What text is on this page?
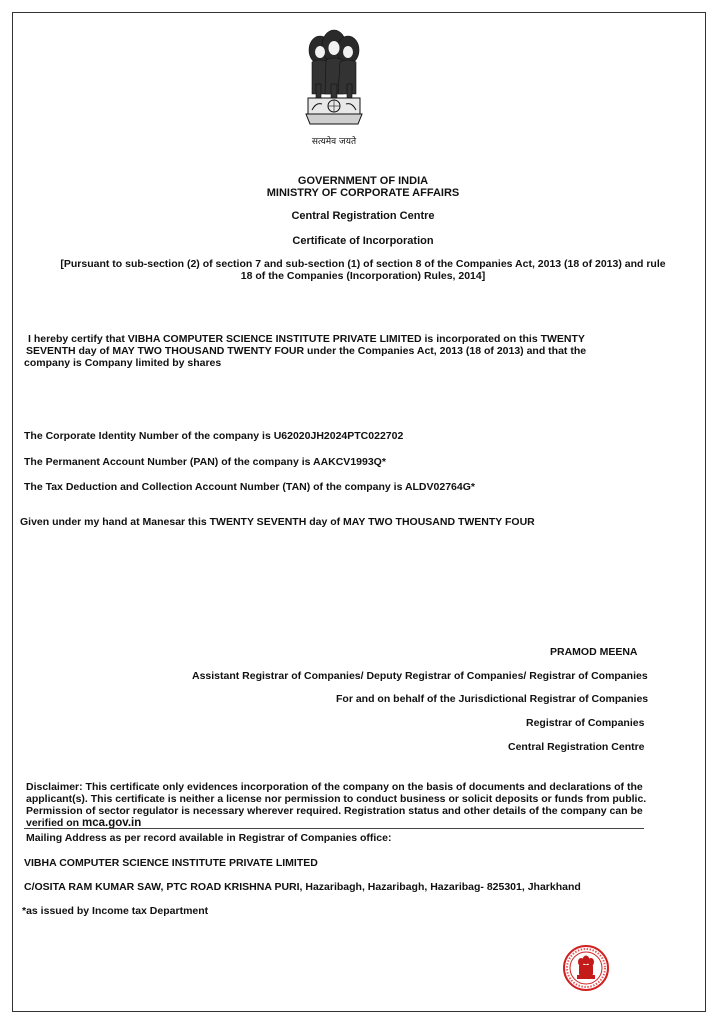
सत्यमेव जयते
GOVERNMENT OF INDIA
MINISTRY OF CORPORATE AFFAIRS
Central Registration Centre
Certificate of Incorporation
[Pursuant to sub-section (2) of section 7 and sub-section (1) of section 8 of the Companies Act, 2013 (18 of 2013) and rule
18 of the Companies (Incorporation) Rules, 2014]
I hereby certify that VIBHA COMPUTER SCIENCE INSTITUTE PRIVATE LIMITED is incorporated on this TWENTY
SEVENTH day of MAY TWO THOUSAND TWENTY FOUR under the Companies Act, 2013 (18 of 2013) and that the
company is Company limited by shares
The Corporate Identity Number of the company is U62020JH2024PTC022702
The Permanent Account Number (PAN) of the company is AAKCV1993Q*
The Tax Deduction and Collection Account Number (TAN) of the company is ALDV02764G*
Given under my hand at Manesar this TWENTY SEVENTH day of MAY TWO THOUSAND TWENTY FOUR
PRAMOD MEENA
Assistant Registrar of Companies/ Deputy Registrar of Companies/ Registrar of Companies
For and on behalf of the Jurisdictional Registrar of Companies
Registrar of Companies
Central Registration Centre
Disclaimer: This certificate only evidences incorporation of the company on the basis of documents and declarations of the
applicant(s). This certificate is neither a license nor permission to conduct business or solicit deposits or funds from public.
Permission of sector regulator is necessary wherever required. Registration status and other details of the company can be
verified on mca.gov.in
Mailing Address as per record available in Registrar of Companies office:
VIBHA COMPUTER SCIENCE INSTITUTE PRIVATE LIMITED
C/OSITA RAM KUMAR SAW, PTC ROAD KRISHNA PURI, Hazaribagh, Hazaribagh, Hazaribag- 825301, Jharkhand
*as issued by Income tax Department
